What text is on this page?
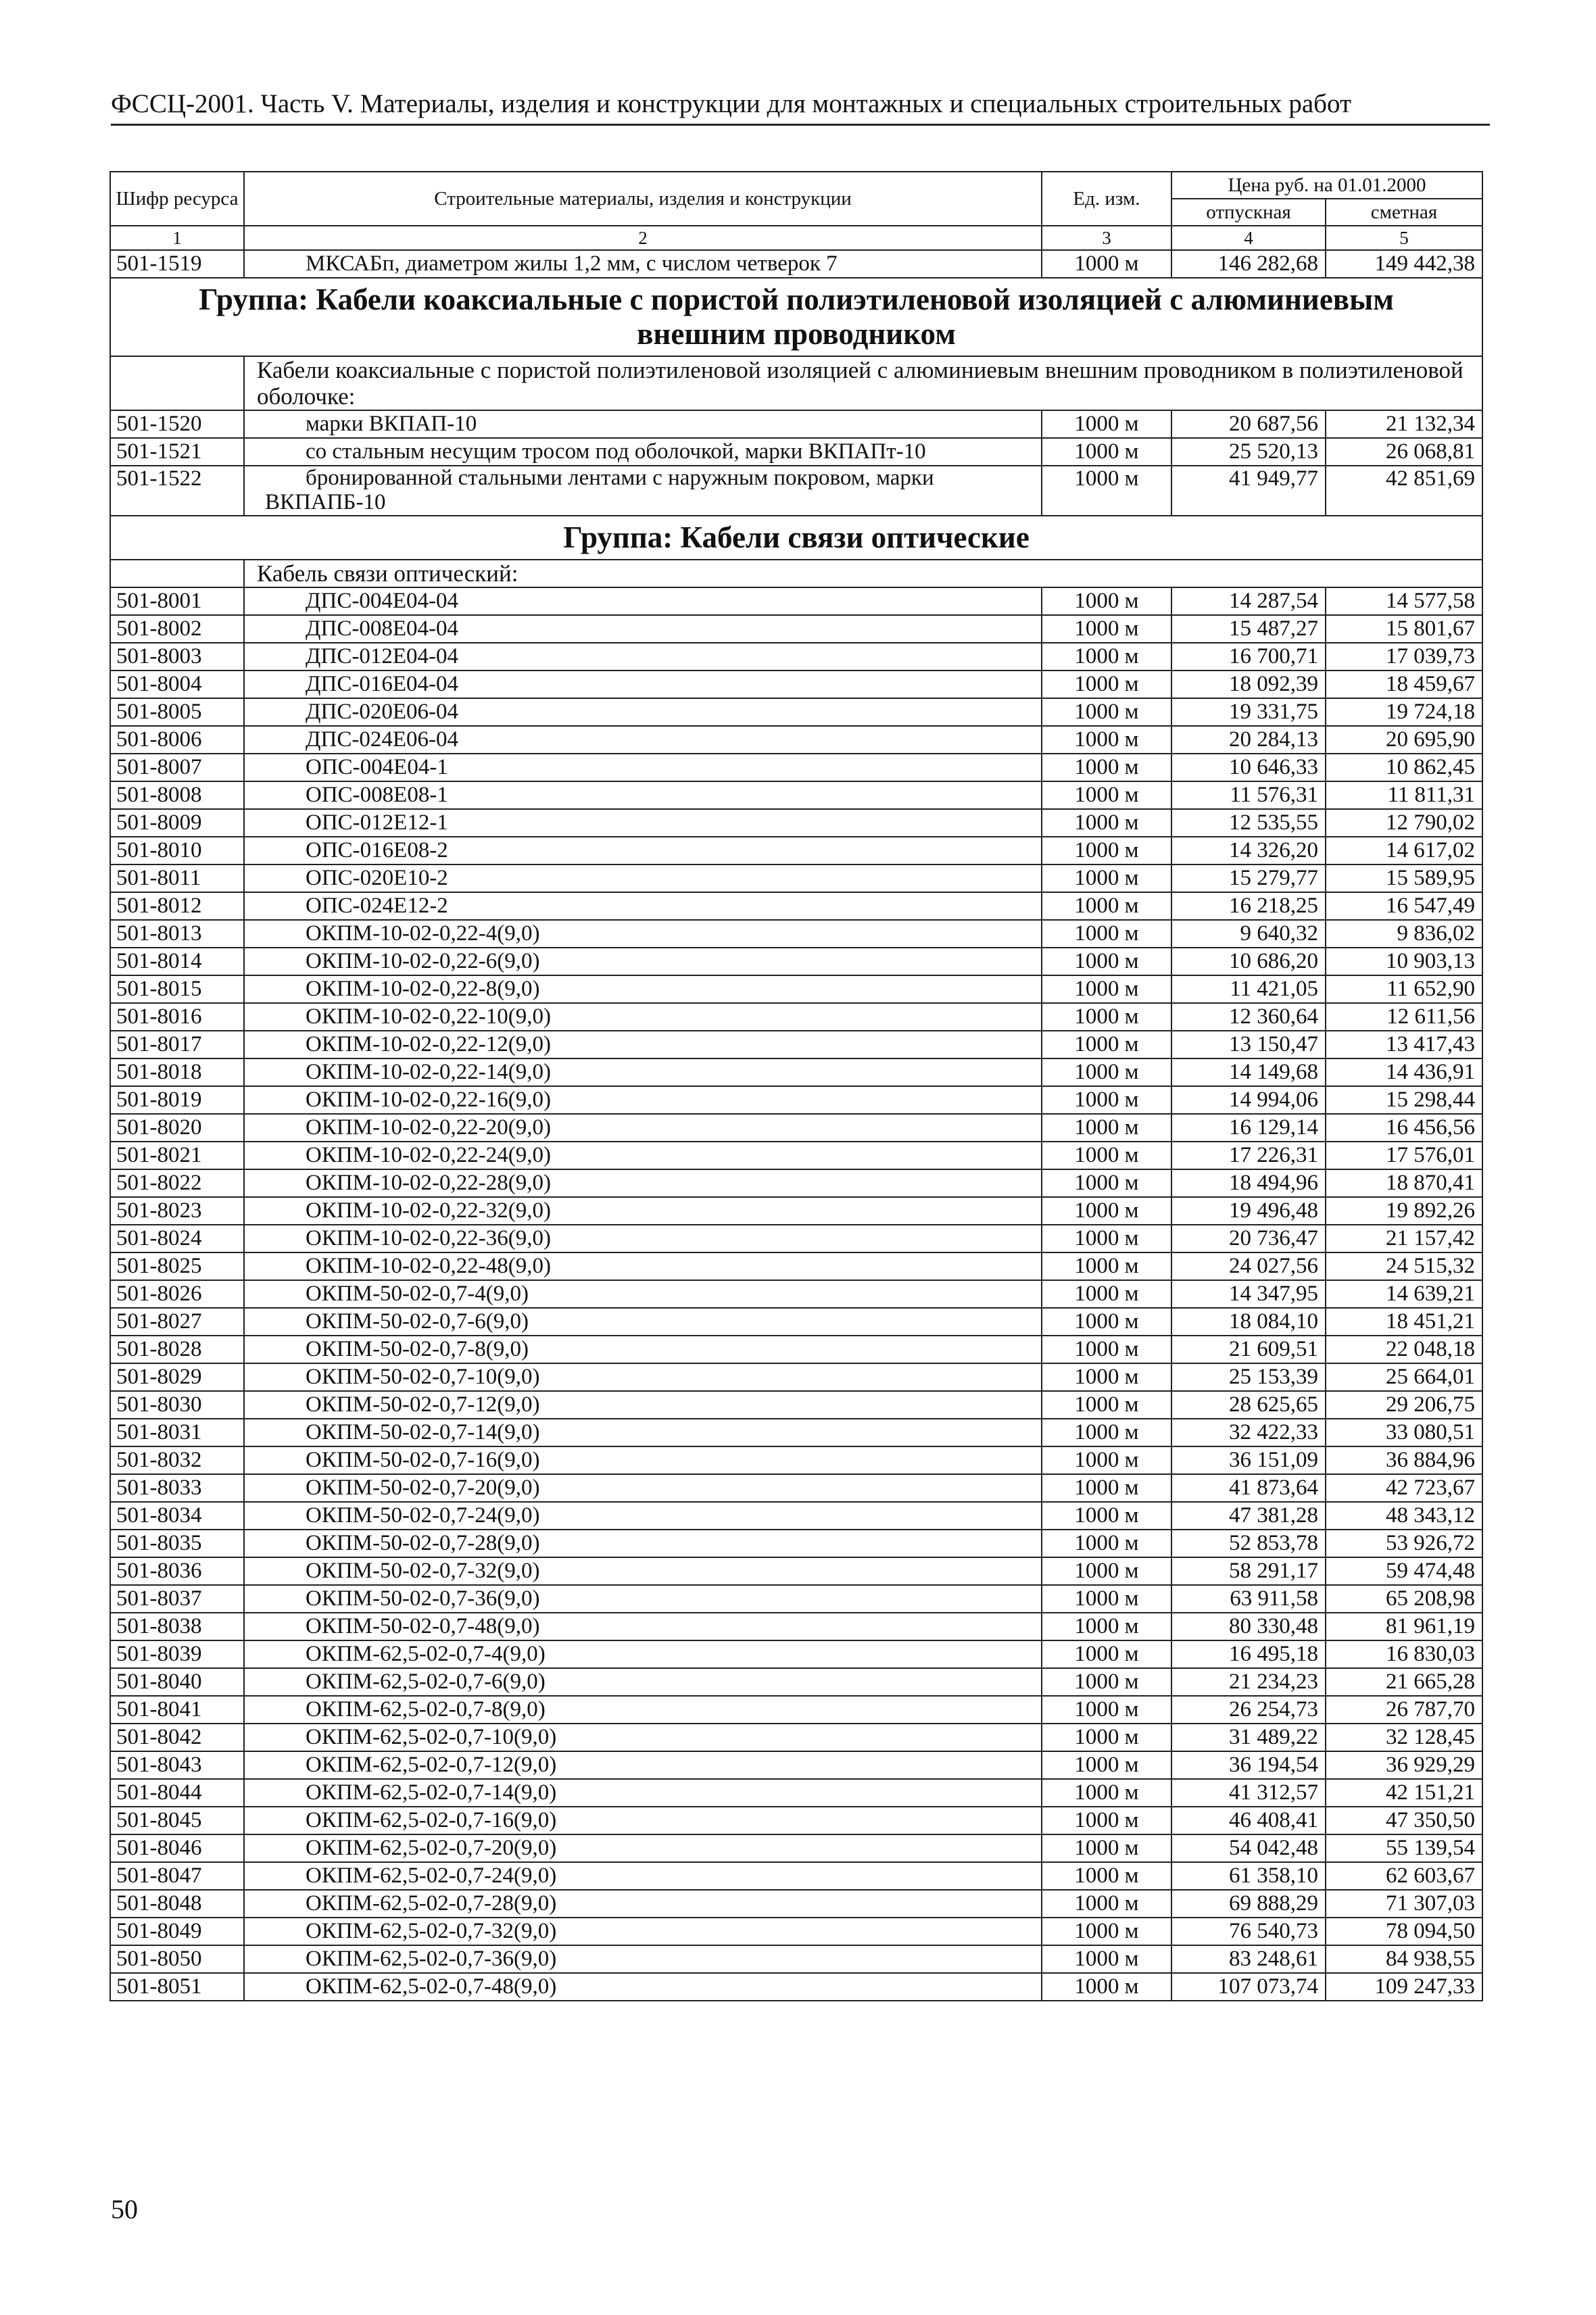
ФССЦ-2001. Часть V. Материалы, изделия и конструкции для монтажных и специальных строительных работ
Шифр ресурса	Строительные материалы, изделия и конструкции	Ед. изм.	Цена руб. на 01.01.2000	
			отпускная	сметная
1	2	3	4	5
501-1519	МКСАБп, диаметром жилы 1,2 мм, с числом четверок 7	1000 м	146 282,68	149 442,38
Группа: Кабели коаксиальные с пористой полиэтиленовой изоляцией с алюминиевым внешним проводником				
	Кабели коаксиальные с пористой полиэтиленовой изоляцией с алюминиевым внешним проводником в полиэтиленовой оболочке:			
501-1520	марки ВКПАП-10	1000 м	20 687,56	21 132,34
501-1521	со стальным несущим тросом под оболочкой, марки ВКПАПт-10	1000 м	25 520,13	26 068,81
501-1522	бронированной стальными лентами с наружным покровом, марки ВКПАПБ-10	1000 м	41 949,77	42 851,69
Группа: Кабели связи оптические				
	Кабель связи оптический:			
501-8001	ДПС-004Е04-04	1000 м	14 287,54	14 577,58
501-8002	ДПС-008Е04-04	1000 м	15 487,27	15 801,67
501-8003	ДПС-012Е04-04	1000 м	16 700,71	17 039,73
501-8004	ДПС-016Е04-04	1000 м	18 092,39	18 459,67
501-8005	ДПС-020Е06-04	1000 м	19 331,75	19 724,18
501-8006	ДПС-024Е06-04	1000 м	20 284,13	20 695,90
501-8007	ОПС-004Е04-1	1000 м	10 646,33	10 862,45
501-8008	ОПС-008Е08-1	1000 м	11 576,31	11 811,31
501-8009	ОПС-012Е12-1	1000 м	12 535,55	12 790,02
501-8010	ОПС-016Е08-2	1000 м	14 326,20	14 617,02
501-8011	ОПС-020Е10-2	1000 м	15 279,77	15 589,95
501-8012	ОПС-024Е12-2	1000 м	16 218,25	16 547,49
501-8013	ОКПМ-10-02-0,22-4(9,0)	1000 м	9 640,32	9 836,02
501-8014	ОКПМ-10-02-0,22-6(9,0)	1000 м	10 686,20	10 903,13
501-8015	ОКПМ-10-02-0,22-8(9,0)	1000 м	11 421,05	11 652,90
501-8016	ОКПМ-10-02-0,22-10(9,0)	1000 м	12 360,64	12 611,56
501-8017	ОКПМ-10-02-0,22-12(9,0)	1000 м	13 150,47	13 417,43
501-8018	ОКПМ-10-02-0,22-14(9,0)	1000 м	14 149,68	14 436,91
501-8019	ОКПМ-10-02-0,22-16(9,0)	1000 м	14 994,06	15 298,44
501-8020	ОКПМ-10-02-0,22-20(9,0)	1000 м	16 129,14	16 456,56
501-8021	ОКПМ-10-02-0,22-24(9,0)	1000 м	17 226,31	17 576,01
501-8022	ОКПМ-10-02-0,22-28(9,0)	1000 м	18 494,96	18 870,41
501-8023	ОКПМ-10-02-0,22-32(9,0)	1000 м	19 496,48	19 892,26
501-8024	ОКПМ-10-02-0,22-36(9,0)	1000 м	20 736,47	21 157,42
501-8025	ОКПМ-10-02-0,22-48(9,0)	1000 м	24 027,56	24 515,32
501-8026	ОКПМ-50-02-0,7-4(9,0)	1000 м	14 347,95	14 639,21
501-8027	ОКПМ-50-02-0,7-6(9,0)	1000 м	18 084,10	18 451,21
501-8028	ОКПМ-50-02-0,7-8(9,0)	1000 м	21 609,51	22 048,18
501-8029	ОКПМ-50-02-0,7-10(9,0)	1000 м	25 153,39	25 664,01
501-8030	ОКПМ-50-02-0,7-12(9,0)	1000 м	28 625,65	29 206,75
501-8031	ОКПМ-50-02-0,7-14(9,0)	1000 м	32 422,33	33 080,51
501-8032	ОКПМ-50-02-0,7-16(9,0)	1000 м	36 151,09	36 884,96
501-8033	ОКПМ-50-02-0,7-20(9,0)	1000 м	41 873,64	42 723,67
501-8034	ОКПМ-50-02-0,7-24(9,0)	1000 м	47 381,28	48 343,12
501-8035	ОКПМ-50-02-0,7-28(9,0)	1000 м	52 853,78	53 926,72
501-8036	ОКПМ-50-02-0,7-32(9,0)	1000 м	58 291,17	59 474,48
501-8037	ОКПМ-50-02-0,7-36(9,0)	1000 м	63 911,58	65 208,98
501-8038	ОКПМ-50-02-0,7-48(9,0)	1000 м	80 330,48	81 961,19
501-8039	ОКПМ-62,5-02-0,7-4(9,0)	1000 м	16 495,18	16 830,03
501-8040	ОКПМ-62,5-02-0,7-6(9,0)	1000 м	21 234,23	21 665,28
501-8041	ОКПМ-62,5-02-0,7-8(9,0)	1000 м	26 254,73	26 787,70
501-8042	ОКПМ-62,5-02-0,7-10(9,0)	1000 м	31 489,22	32 128,45
501-8043	ОКПМ-62,5-02-0,7-12(9,0)	1000 м	36 194,54	36 929,29
501-8044	ОКПМ-62,5-02-0,7-14(9,0)	1000 м	41 312,57	42 151,21
501-8045	ОКПМ-62,5-02-0,7-16(9,0)	1000 м	46 408,41	47 350,50
501-8046	ОКПМ-62,5-02-0,7-20(9,0)	1000 м	54 042,48	55 139,54
501-8047	ОКПМ-62,5-02-0,7-24(9,0)	1000 м	61 358,10	62 603,67
501-8048	ОКПМ-62,5-02-0,7-28(9,0)	1000 м	69 888,29	71 307,03
501-8049	ОКПМ-62,5-02-0,7-32(9,0)	1000 м	76 540,73	78 094,50
501-8050	ОКПМ-62,5-02-0,7-36(9,0)	1000 м	83 248,61	84 938,55
501-8051	ОКПМ-62,5-02-0,7-48(9,0)	1000 м	107 073,74	109 247,33
50
